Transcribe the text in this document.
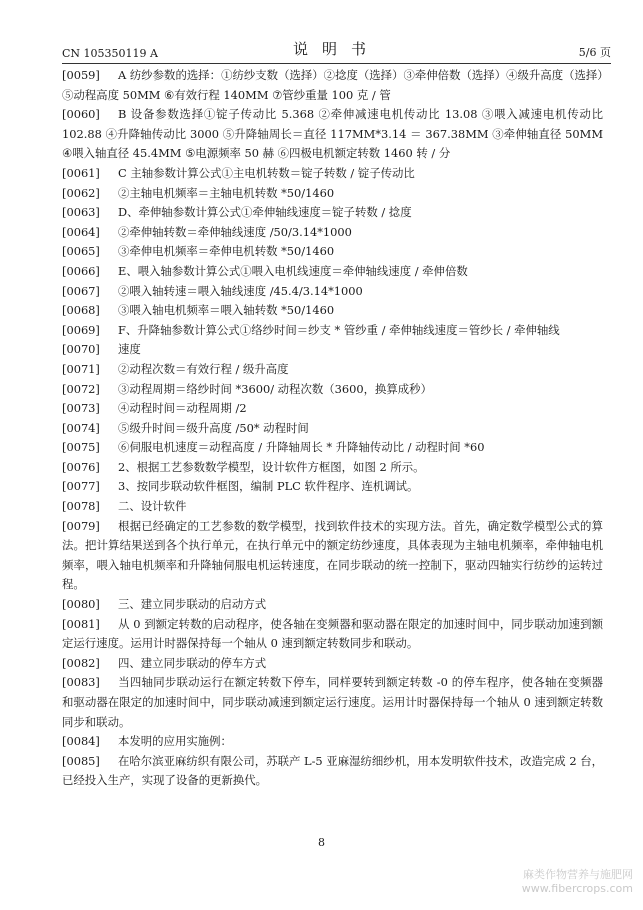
CN 105350119 A	说明书	5/6 页
[0059] A 纺纱参数的选择：①纺纱支数（选择）②捻度（选择）③牵伸倍数（选择）④级升高度（选择）⑤动程高度 50MM ⑥有效行程 140MM ⑦管纱重量 100 克 / 管
[0060] B 设备参数选择①锭子传动比 5.368 ②牵伸减速电机传动比 13.08 ③喂入减速电机传动比 102.88 ④升降轴传动比 3000 ⑤升降轴周长＝直径 117MM*3.14 ＝ 367.38MM ③牵伸轴直径 50MM ④喂入轴直径 45.4MM ⑤电源频率 50 赫 ⑥四极电机额定转数 1460 转 / 分
[0061] C 主轴参数计算公式①主电机转数＝锭子转数 / 锭子传动比
[0062] ②主轴电机频率＝主轴电机转数 *50/1460
[0063] D、牵伸轴参数计算公式①牵伸轴线速度＝锭子转数 / 捻度
[0064] ②牵伸轴转数＝牵伸轴线速度 /50/3.14*1000
[0065] ③牵伸电机频率＝牵伸电机转数 *50/1460
[0066] E、喂入轴参数计算公式①喂入电机线速度＝牵伸轴线速度 / 牵伸倍数
[0067] ②喂入轴转速＝喂入轴线速度 /45.4/3.14*1000
[0068] ③喂入轴电机频率＝喂入轴转数 *50/1460
[0069] F、升降轴参数计算公式①络纱时间＝纱支 * 管纱重 / 牵伸轴线速度＝管纱长 / 牵伸轴线
[0070] 速度
[0071] ②动程次数＝有效行程 / 级升高度
[0072] ③动程周期＝络纱时间 *3600/ 动程次数（3600，换算成秒）
[0073] ④动程时间＝动程周期 /2
[0074] ⑤级升时间＝级升高度 /50* 动程时间
[0075] ⑥伺服电机速度＝动程高度 / 升降轴周长 * 升降轴传动比 / 动程时间 *60
[0076] 2、根据工艺参数数学模型，设计软件方框图，如图 2 所示。
[0077] 3、按同步联动软件框图，编制 PLC 软件程序、连机调试。
[0078] 二、设计软件
[0079] 根据已经确定的工艺参数的数学模型，找到软件技术的实现方法。首先，确定数学模型公式的算法。把计算结果送到各个执行单元，在执行单元中的额定纺纱速度，具体表现为主轴电机频率，牵伸轴电机频率，喂入轴电机频率和升降轴伺服电机运转速度，在同步联动的统一控制下，驱动四轴实行纺纱的运转过程。
[0080] 三、建立同步联动的启动方式
[0081] 从 0 到额定转数的启动程序，使各轴在变频器和驱动器在限定的加速时间中，同步联动加速到额定运行速度。运用计时器保持每一个轴从 0 速到额定转数同步和联动。
[0082] 四、建立同步联动的停车方式
[0083] 当四轴同步联动运行在额定转数下停车，同样要转到额定转数 -0 的停车程序，使各轴在变频器和驱动器在限定的加速时间中，同步联动减速到额定运行速度。运用计时器保持每一个轴从 0 速到额定转数同步和联动。
[0084] 本发明的应用实施例：
[0085] 在哈尔滨亚麻纺织有限公司，苏联产 L-5 亚麻湿纺细纱机，用本发明软件技术，改造完成 2 台，已经投入生产，实现了设备的更新换代。
8
麻类作物营养与施肥网
www.fibercrops.com
